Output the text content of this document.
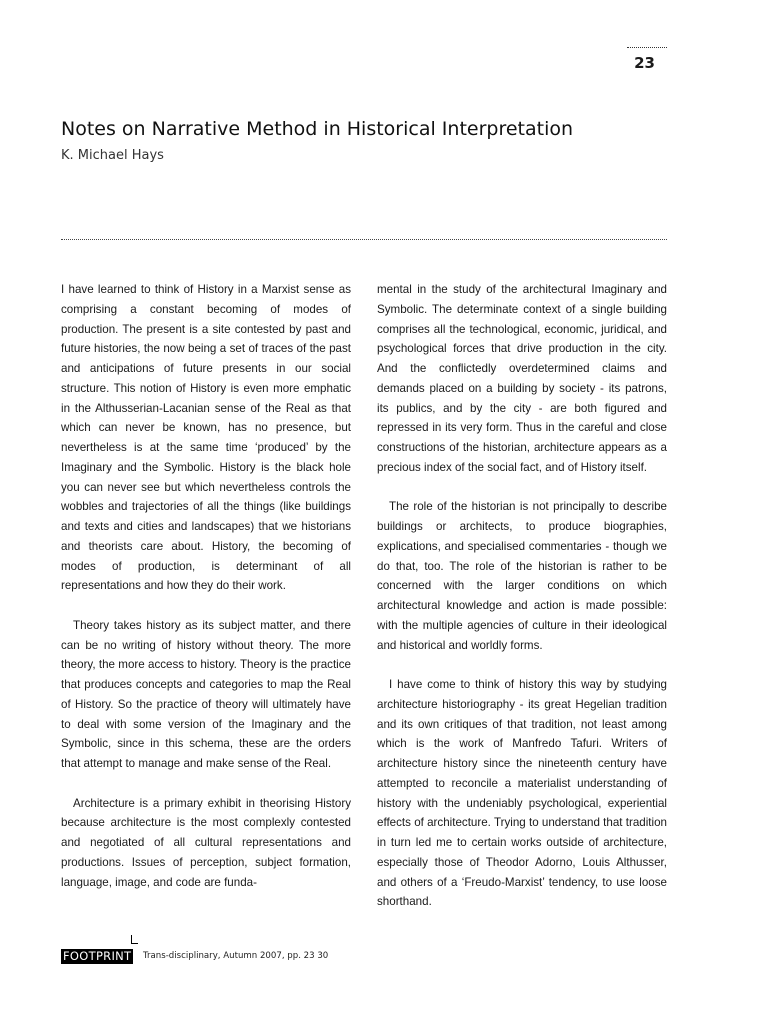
23
Notes on Narrative Method in Historical Interpretation
K. Michael Hays

I have learned to think of History in a Marxist sense as comprising a constant becoming of modes of production. The present is a site contested by past and future histories, the now being a set of traces of the past and anticipations of future presents in our social structure. This notion of History is even more emphatic in the Althusserian-Lacanian sense of the Real as that which can never be known, has no presence, but nevertheless is at the same time ‘produced’ by the Imaginary and the Symbolic. History is the black hole you can never see but which nevertheless controls the wobbles and trajectories of all the things (like buildings and texts and cities and landscapes) that we historians and theorists care about. History, the becoming of modes of production, is determinant of all representations and how they do their work.

Theory takes history as its subject matter, and there can be no writing of history without theory. The more theory, the more access to history. Theory is the practice that produces concepts and categories to map the Real of History. So the practice of theory will ultimately have to deal with some version of the Imaginary and the Symbolic, since in this schema, these are the orders that attempt to manage and make sense of the Real.

Architecture is a primary exhibit in theorising History because architecture is the most complexly contested and negotiated of all cultural representations and productions. Issues of perception, subject formation, language, image, and code are funda-

mental in the study of the architectural Imaginary and Symbolic. The determinate context of a single building comprises all the technological, economic, juridical, and psychological forces that drive production in the city. And the conflictedly overdetermined claims and demands placed on a building by society - its patrons, its publics, and by the city - are both figured and repressed in its very form. Thus in the careful and close constructions of the historian, architecture appears as a precious index of the social fact, and of History itself.

The role of the historian is not principally to describe buildings or architects, to produce biographies, explications, and specialised commentaries - though we do that, too. The role of the historian is rather to be concerned with the larger conditions on which architectural knowledge and action is made possible: with the multiple agencies of culture in their ideological and historical and worldly forms.

I have come to think of history this way by studying architecture historiography - its great Hegelian tradition and its own critiques of that tradition, not least among which is the work of Manfredo Tafuri. Writers of architecture history since the nineteenth century have attempted to reconcile a materialist understanding of history with the undeniably psychological, experiential effects of architecture. Trying to understand that tradition in turn led me to certain works outside of architecture, especially those of Theodor Adorno, Louis Althusser, and others of a ‘Freudo-Marxist’ tendency, to use loose shorthand.

FOOTPRINT Trans-disciplinary, Autumn 2007, pp. 23 30
